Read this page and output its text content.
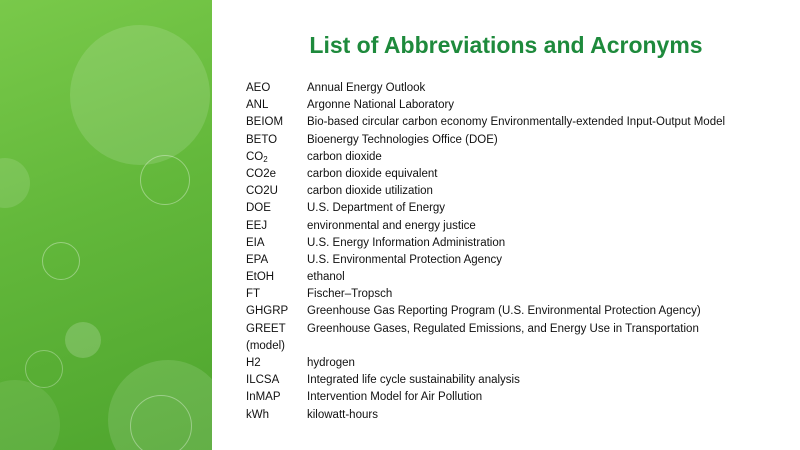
List of Abbreviations and Acronyms
AEO	Annual Energy Outlook
ANL	Argonne National Laboratory
BEIOM	Bio-based circular carbon economy Environmentally-extended Input-Output Model
BETO	Bioenergy Technologies Office (DOE)
$CO_2$	carbon dioxide
CO2e	carbon dioxide equivalent
CO2U	carbon dioxide utilization
DOE	U.S. Department of Energy
EEJ	environmental and energy justice
EIA	U.S. Energy Information Administration
EPA	U.S. Environmental Protection Agency
EtOH	ethanol
FT	Fischer–Tropsch
GHGRP	Greenhouse Gas Reporting Program (U.S. Environmental Protection Agency)
GREET	Greenhouse Gases, Regulated Emissions, and Energy Use in Transportation
(model)
H2	hydrogen
ILCSA	Integrated life cycle sustainability analysis
InMAP	Intervention Model for Air Pollution
kWh	kilowatt-hours
